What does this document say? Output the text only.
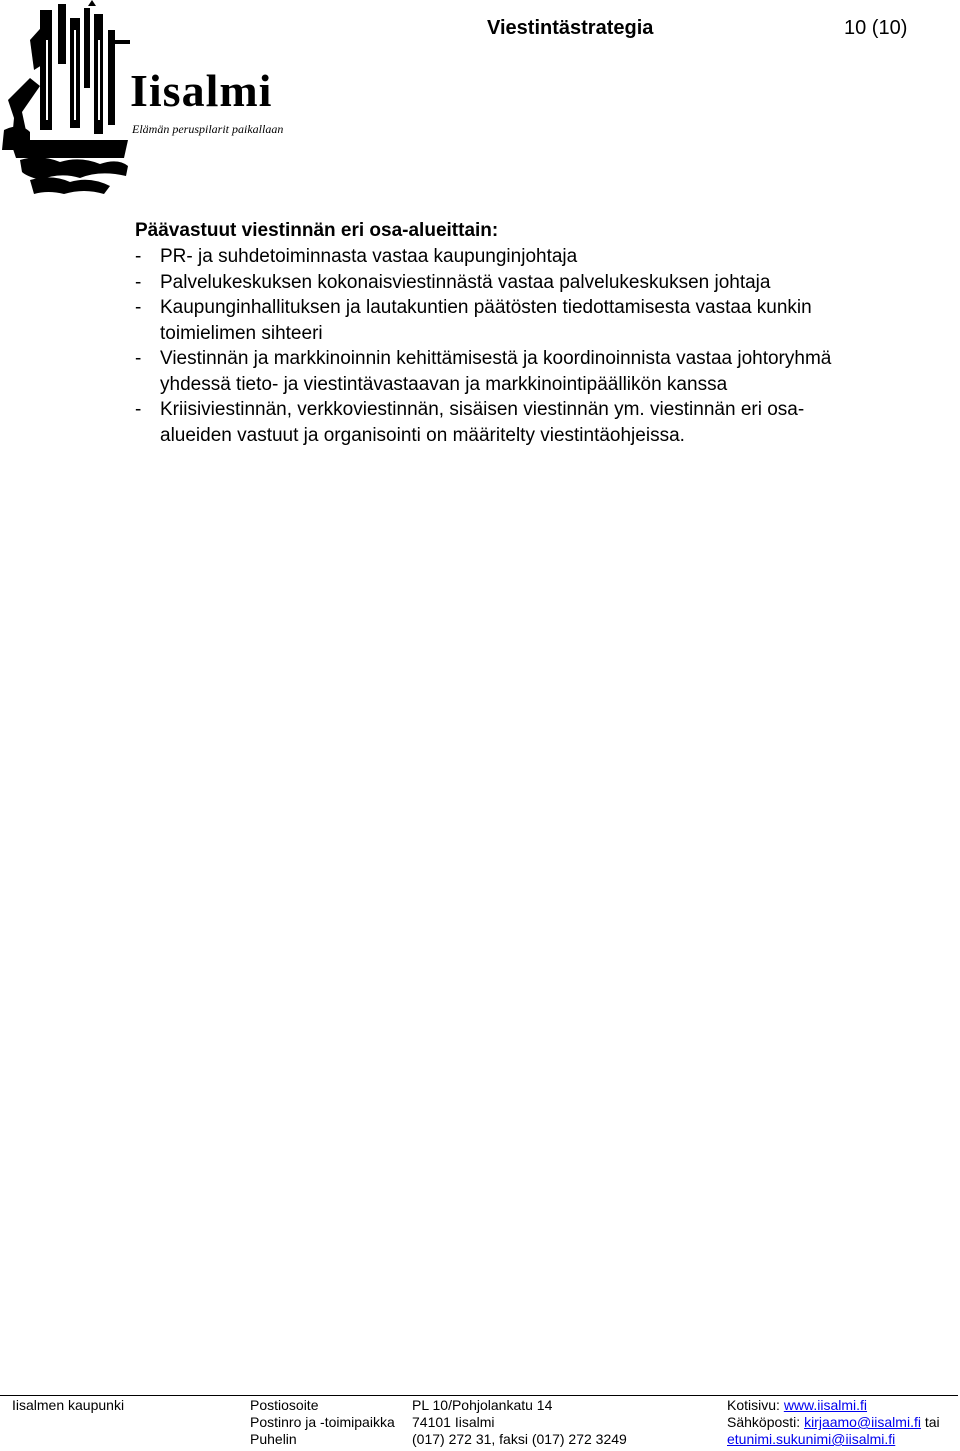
Iisalmi
Elämän peruspilarit paikallaan
Viestintästrategia	10 (10)
Päävastuut viestinnän eri osa-alueittain:
- PR- ja suhdetoiminnasta vastaa kaupunginjohtaja
- Palvelukeskuksen kokonaisviestinnästä vastaa palvelukeskuksen johtaja
- Kaupunginhallituksen ja lautakuntien päätösten tiedottamisesta vastaa kunkin
toimielimen sihteeri
- Viestinnän ja markkinoinnin kehittämisestä ja koordinoinnista vastaa johtoryhmä
yhdessä tieto- ja viestintävastaavan ja markkinointipäällikön kanssa
- Kriisiviestinnän, verkkoviestinnän, sisäisen viestinnän ym. viestinnän eri osa-
alueiden vastuut ja organisointi on määritelty viestintäohjeissa.
Iisalmen kaupunki	Postiosoite
Postinro ja -toimipaikka
Puhelin
PL 10/Pohjolankatu 14
74101 Iisalmi
(017) 272 31, faksi (017) 272 3249
Kotisivu: www.iisalmi.fi
Sähköposti: kirjaamo@iisalmi.fi tai
etunimi.sukunimi@iisalmi.fi
